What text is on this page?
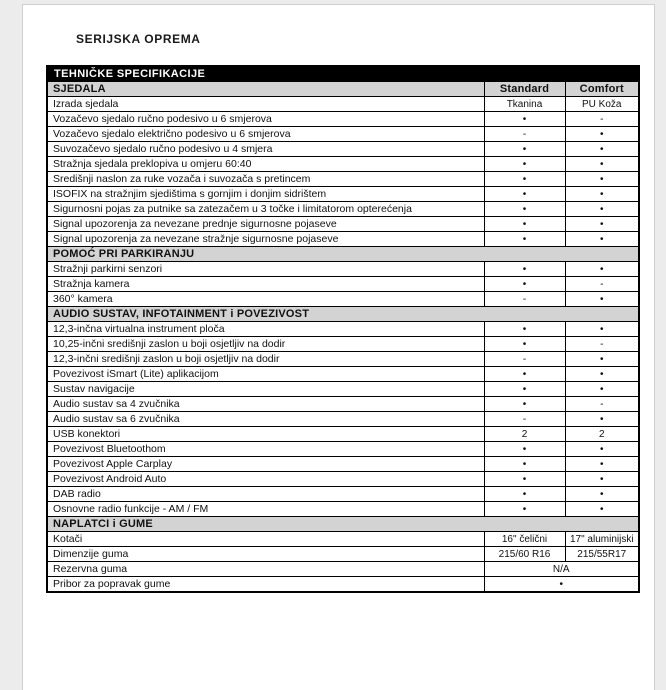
SERIJSKA OPREMA
TEHNIČKE SPECIFIKACIJE		
SJEDALA	Standard	Comfort
Izrada sjedala	Tkanina	PU Koža
Vozačevo sjedalo ručno podesivo u 6 smjerova	•	-
Vozačevo sjedalo električno podesivo u 6 smjerova	-	•
Suvozačevo sjedalo ručno podesivo u 4 smjera	•	•
Stražnja sjedala preklopiva u omjeru 60:40	•	•
Središnji naslon za ruke vozača i suvozača s pretincem	•	•
ISOFIX na stražnjim sjedištima s gornjim i donjim sidrištem	•	•
Sigurnosni pojas za putnike sa zatezačem u 3 točke i limitatorom opterećenja	•	•
Signal upozorenja za nevezane prednje sigurnosne pojaseve	•	•
Signal upozorenja za nevezane stražnje sigurnosne pojaseve	•	•
POMOĆ PRI PARKIRANJU		
Stražnji parkirni senzori	•	•
Stražnja kamera	•	-
360° kamera	-	•
AUDIO SUSTAV, INFOTAINMENT i POVEZIVOST		
12,3-inčna virtualna instrument ploča	•	•
10,25-inčni središnji zaslon u boji osjetljiv na dodir	•	-
12,3-inčni središnji zaslon u boji osjetljiv na dodir	-	•
Povezivost iSmart (Lite) aplikacijom	•	•
Sustav navigacije	•	•
Audio sustav sa 4 zvučnika	•	-
Audio sustav sa 6 zvučnika	-	•
USB konektori	2	2
Povezivost Bluetoothom	•	•
Povezivost Apple Carplay	•	•
Povezivost Android Auto	•	•
DAB radio	•	•
Osnovne radio funkcije - AM / FM	•	•
NAPLATCI i GUME		
Kotači	16" čelični	17" aluminijski
Dimenzije guma	215/60 R16	215/55R17
Rezervna guma	N/A	
Pribor za popravak gume	•	
